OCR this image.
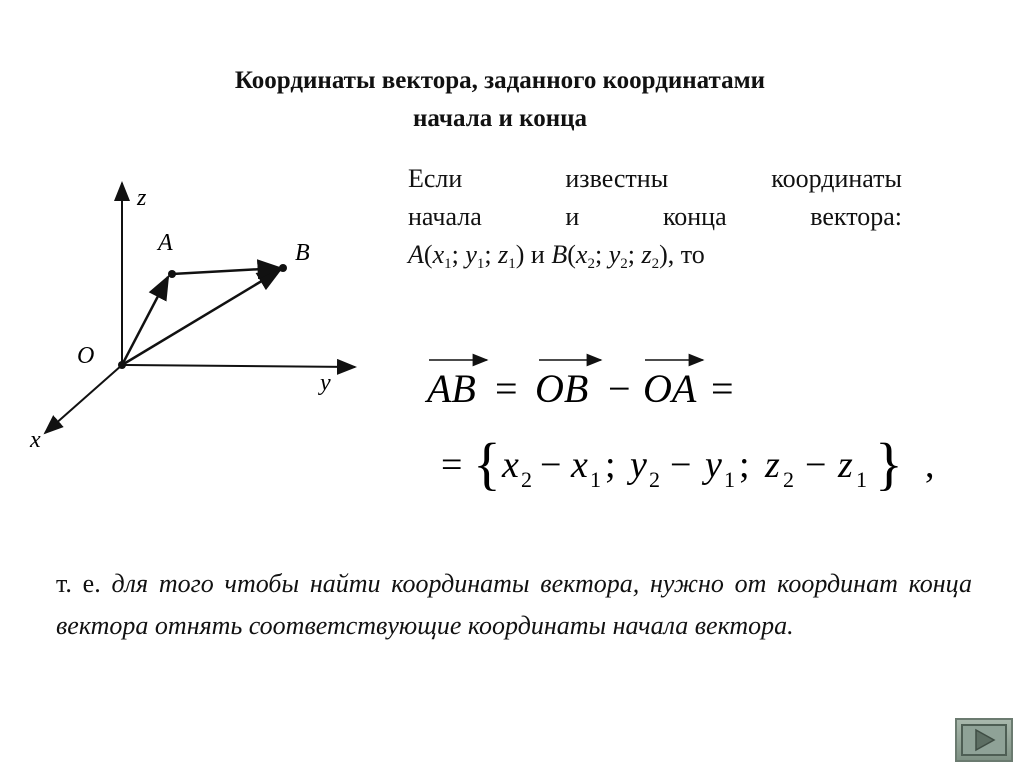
Координаты вектора, заданного координатами
начала и конца
z
y
x
O
A	B
Если известны координаты
начала и конца вектора:
$A(x_1$; $y_1$; $z_1$) и $B(x_2$; $y_2$; $z_2$), то
AB = OB − OA =
= { x 2 − x 1 ; y 2 − y 1 ; z 2 − z 1 } ,
т. е. для того чтобы найти координаты вектора, нужно от координат конца вектора отнять соответствующие координаты начала вектора.
